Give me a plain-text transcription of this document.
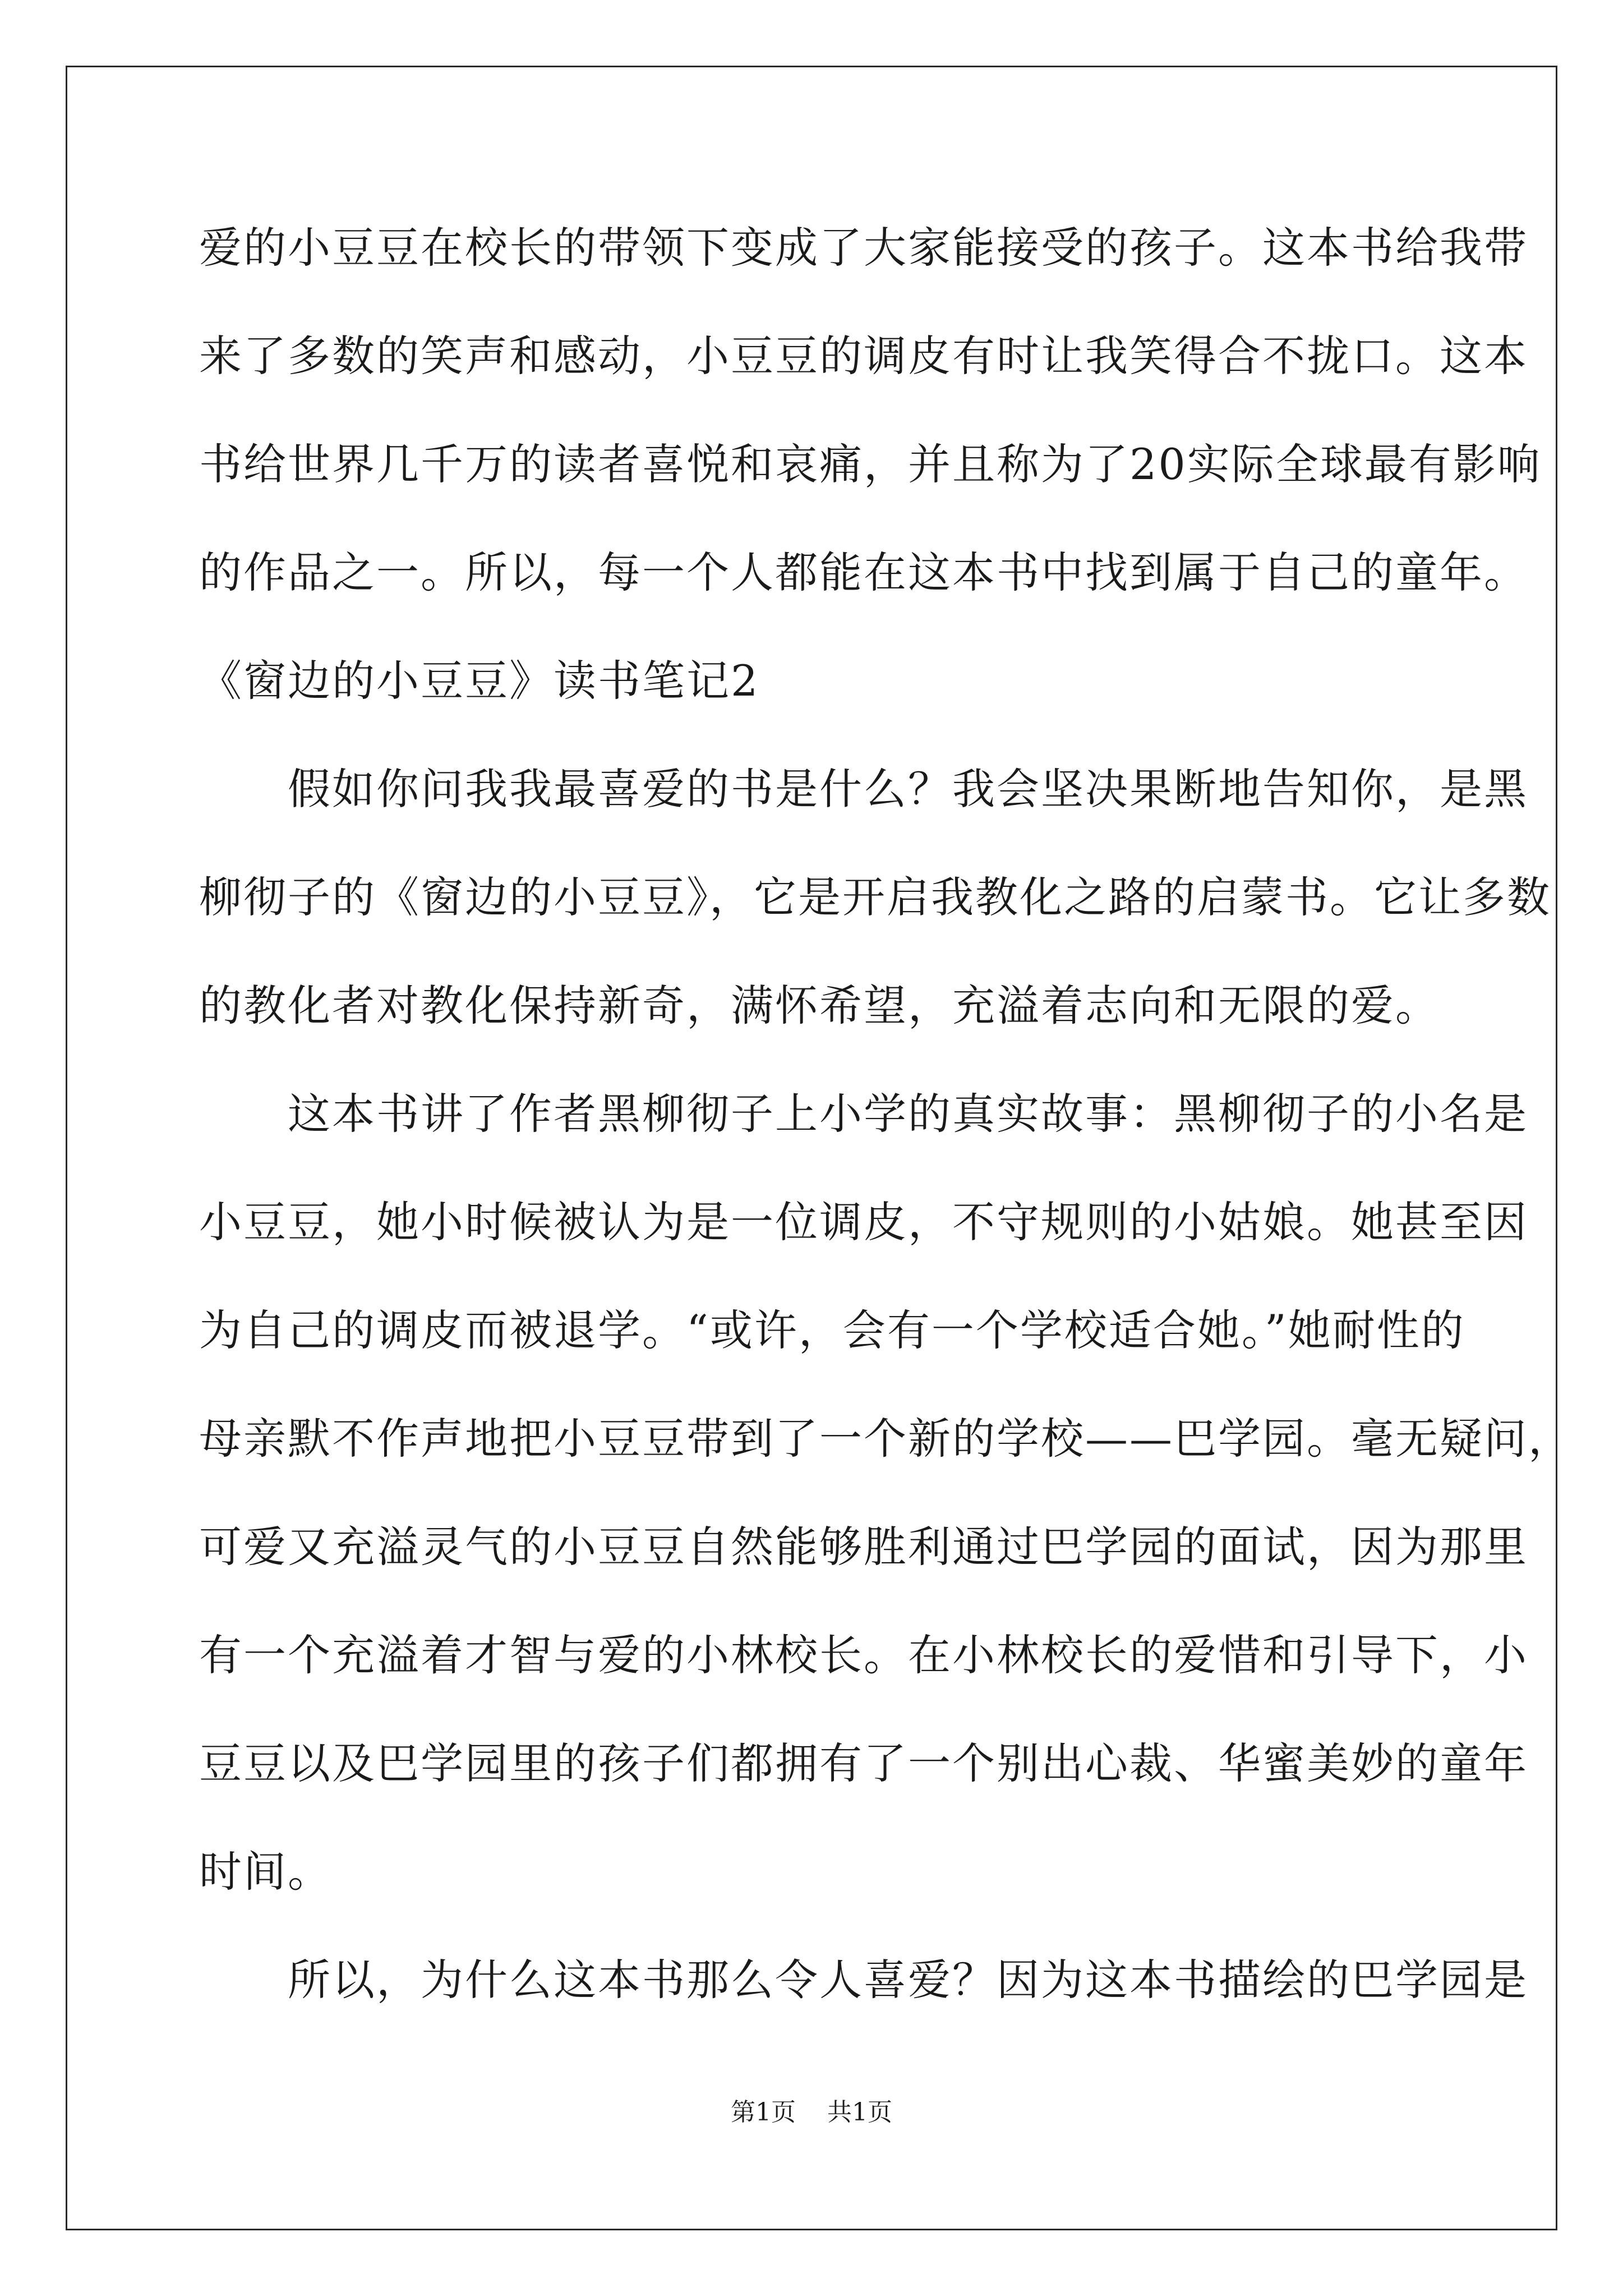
爱的小豆豆在校长的带领下变成了大家能接受的孩子。这本书给我带
来了多数的笑声和感动，小豆豆的调皮有时让我笑得合不拢口。这本
书给世界几千万的读者喜悦和哀痛，并且称为了20实际全球最有影响
的作品之一。所以，每一个人都能在这本书中找到属于自己的童年。
《窗边的小豆豆》读书笔记2
　　假如你问我我最喜爱的书是什么？我会坚决果断地告知你，是黑
柳彻子的《窗边的小豆豆》，它是开启我教化之路的启蒙书。它让多数
的教化者对教化保持新奇，满怀希望，充溢着志向和无限的爱。
　　这本书讲了作者黑柳彻子上小学的真实故事：黑柳彻子的小名是
小豆豆，她小时候被认为是一位调皮，不守规则的小姑娘。她甚至因
为自己的调皮而被退学。“或许，会有一个学校适合她。”她耐性的
母亲默不作声地把小豆豆带到了一个新的学校——巴学园。毫无疑问，
可爱又充溢灵气的小豆豆自然能够胜利通过巴学园的面试，因为那里
有一个充溢着才智与爱的小林校长。在小林校长的爱惜和引导下，小
豆豆以及巴学园里的孩子们都拥有了一个别出心裁、华蜜美妙的童年
时间。
　　所以，为什么这本书那么令人喜爱？因为这本书描绘的巴学园是
第1页 共1页
